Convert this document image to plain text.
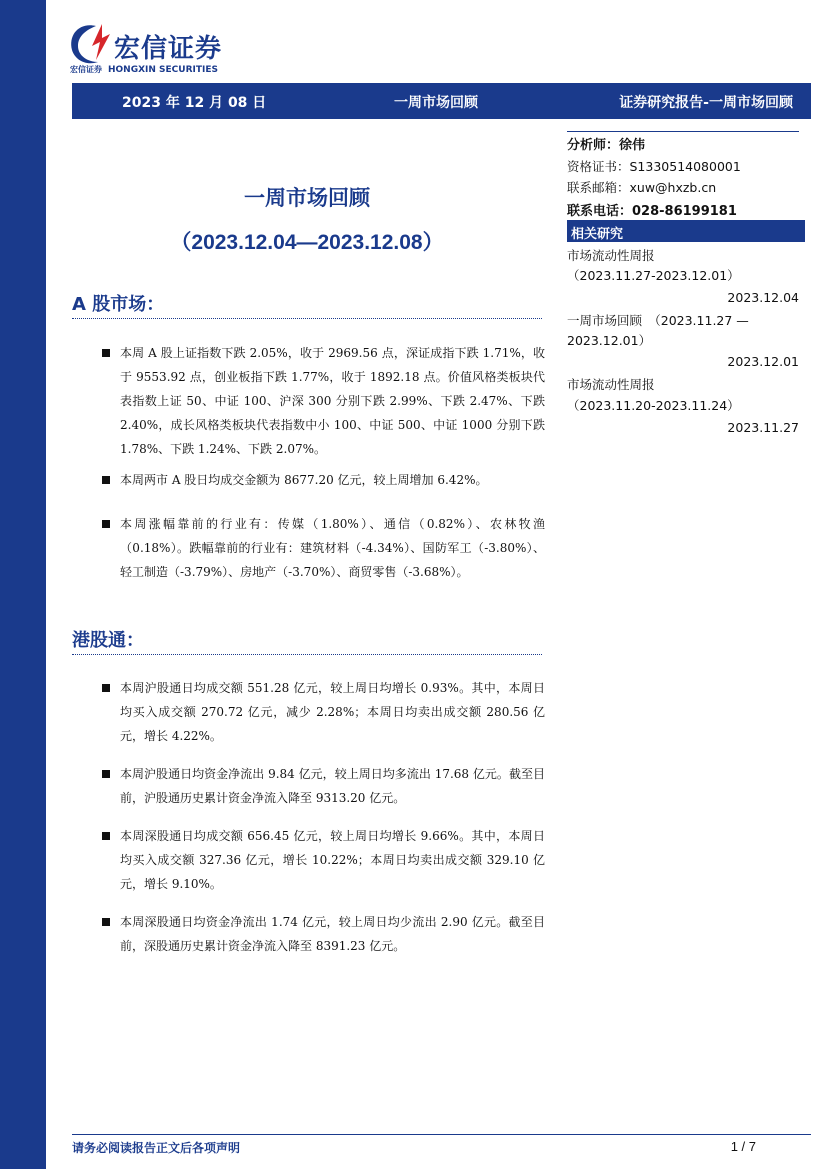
市场研究·一周市场回顾·证券研究报告
宏信证券
宏信证券 HONGXIN SECURITIES
2023 年 12 月 08 日	一周市场回顾	证券研究报告-一周市场回顾
一周市场回顾
（2023.12.04—2023.12.08）
A 股市场：
本周 A 股上证指数下跌 2.05%，收于 2969.56 点，深证成指下跌 1.71%，收于 9553.92 点，创业板指下跌 1.77%，收于 1892.18 点。价值风格类板块代表指数上证 50、中证 100、沪深 300 分别下跌 2.99%、下跌 2.47%、下跌 2.40%，成长风格类板块代表指数中小 100、中证 500、中证 1000 分别下跌 1.78%、下跌 1.24%、下跌 2.07%。
本周两市 A 股日均成交金额为 8677.20 亿元，较上周增加 6.42%。
本周涨幅靠前的行业有：传媒（1.80%）、通信（0.82%）、农林牧渔（0.18%）。跌幅靠前的行业有：建筑材料（-4.34%）、国防军工（-3.80%）、轻工制造（-3.79%）、房地产（-3.70%）、商贸零售（-3.68%）。
港股通：
本周沪股通日均成交额 551.28 亿元，较上周日均增长 0.93%。其中，本周日均买入成交额 270.72 亿元，减少 2.28%；本周日均卖出成交额 280.56 亿元，增长 4.22%。
本周沪股通日均资金净流出 9.84 亿元，较上周日均多流出 17.68 亿元。截至目前，沪股通历史累计资金净流入降至 9313.20 亿元。
本周深股通日均成交额 656.45 亿元，较上周日均增长 9.66%。其中，本周日均买入成交额 327.36 亿元，增长 10.22%；本周日均卖出成交额 329.10 亿元，增长 9.10%。
本周深股通日均资金净流出 1.74 亿元，较上周日均少流出 2.90 亿元。截至目前，深股通历史累计资金净流入降至 8391.23 亿元。
分析师：徐伟
资格证书：S1330514080001
联系邮箱：xuw@hxzb.cn
联系电话：028-86199181
相关研究
市场流动性周报
（2023.11.27-2023.12.01）
2023.12.04
一周市场回顾　（2023.11.27 —
2023.12.01）
2023.12.01
市场流动性周报
（2023.11.20-2023.11.24）
2023.11.27
请务必阅读报告正文后各项声明	1 / 7
